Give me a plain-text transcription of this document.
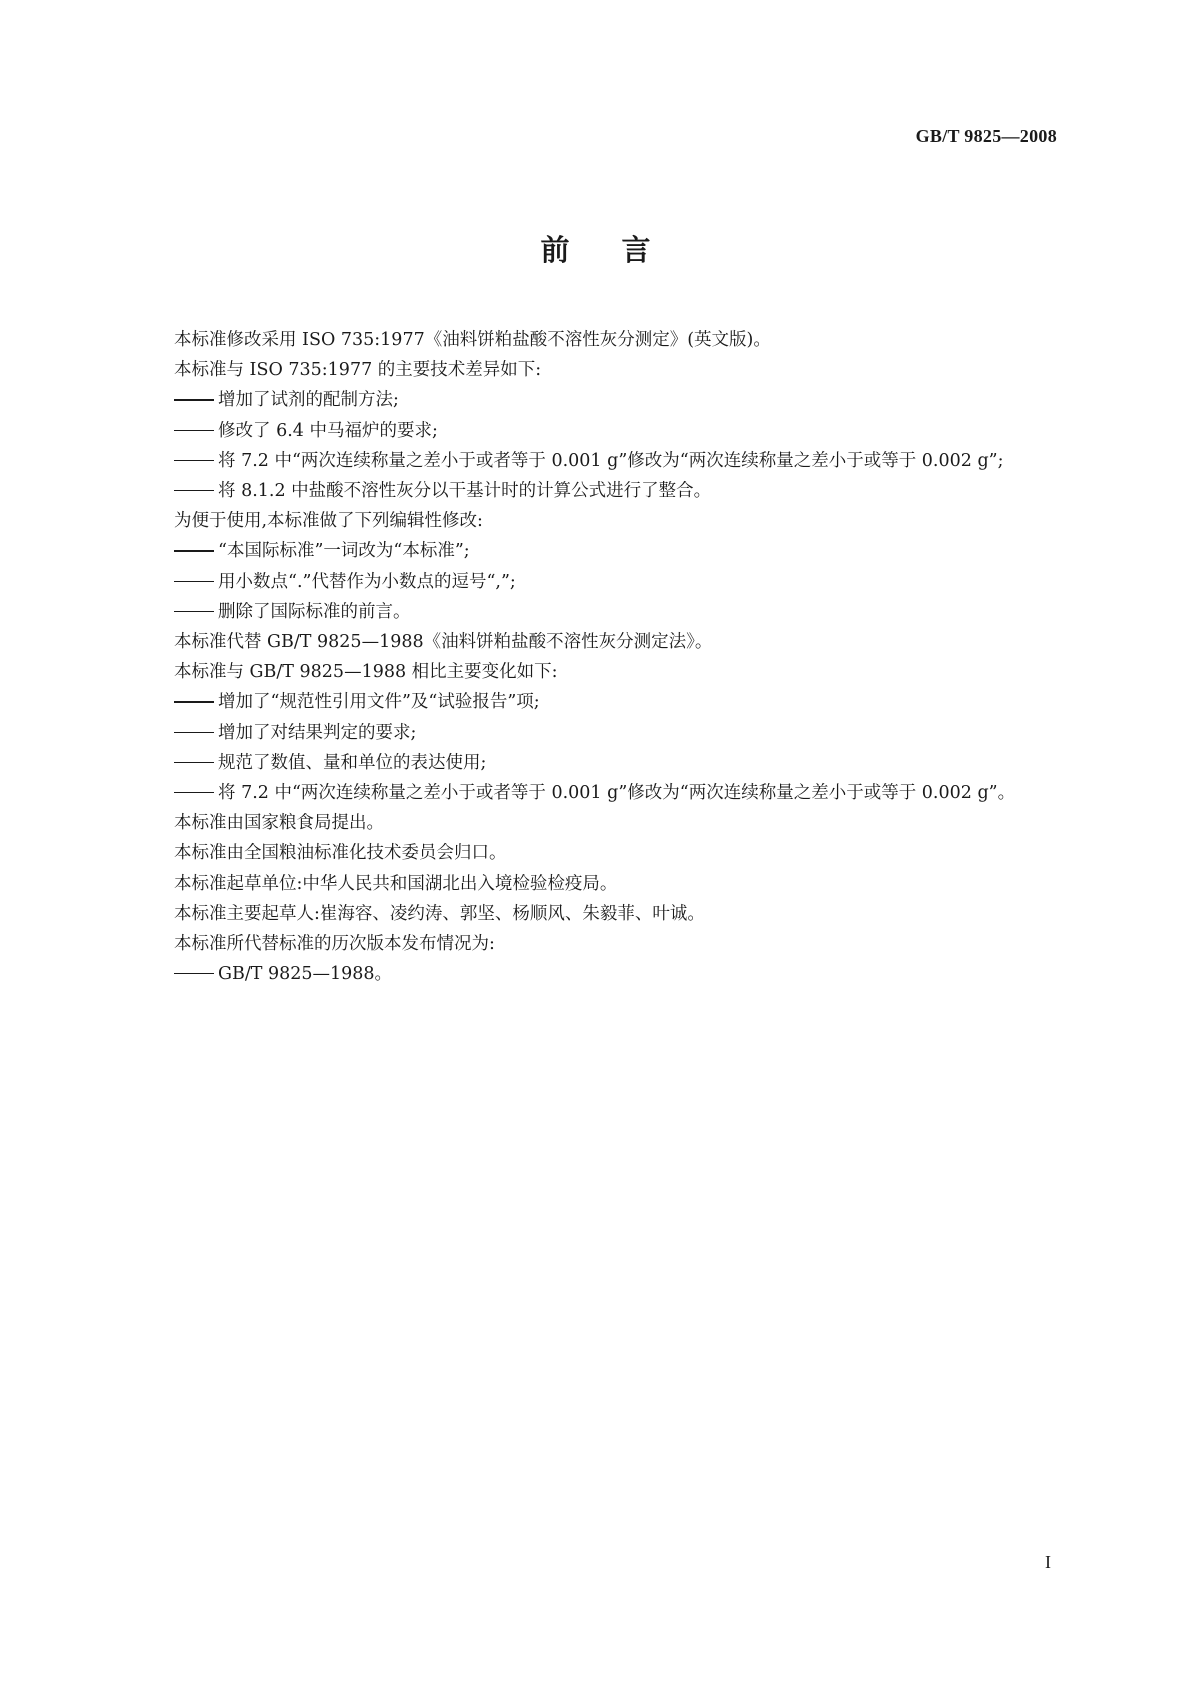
GB/T 9825—2008
前言
本标准修改采用 ISO 735:1977《油料饼粕盐酸不溶性灰分测定》(英文版)。
本标准与 ISO 735:1977 的主要技术差异如下:
增加了试剂的配制方法;
修改了 6.4 中马福炉的要求;
将 7.2 中“两次连续称量之差小于或者等于 0.001 g”修改为“两次连续称量之差小于或等于 0.002 g”;
将 8.1.2 中盐酸不溶性灰分以干基计时的计算公式进行了整合。
为便于使用,本标准做了下列编辑性修改:
“本国际标准”一词改为“本标准”;
用小数点“.”代替作为小数点的逗号“,”;
删除了国际标准的前言。
本标准代替 GB/T 9825—1988《油料饼粕盐酸不溶性灰分测定法》。
本标准与 GB/T 9825—1988 相比主要变化如下:
增加了“规范性引用文件”及“试验报告”项;
增加了对结果判定的要求;
规范了数值、量和单位的表达使用;
将 7.2 中“两次连续称量之差小于或者等于 0.001 g”修改为“两次连续称量之差小于或等于 0.002 g”。
本标准由国家粮食局提出。
本标准由全国粮油标准化技术委员会归口。
本标准起草单位:中华人民共和国湖北出入境检验检疫局。
本标准主要起草人:崔海容、凌约涛、郭坚、杨顺风、朱毅菲、叶诚。
本标准所代替标准的历次版本发布情况为:
GB/T 9825—1988。
I
